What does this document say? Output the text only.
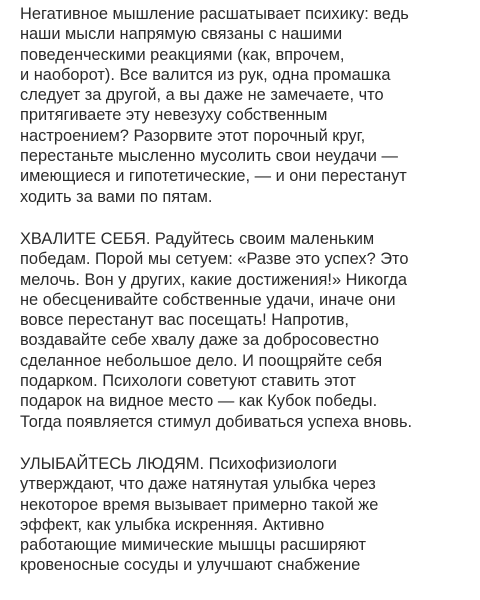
Негативное мышление расшатывает психику: ведь
наши мысли напрямую связаны с нашими
поведенческими реакциями (как, впрочем,
и наоборот). Все валится из рук, одна промашка
следует за другой, а вы даже не замечаете, что
притягиваете эту невезуху собственным
настроением? Разорвите этот порочный круг,
перестаньте мысленно мусолить свои неудачи —
имеющиеся и гипотетические, — и они перестанут
ходить за вами по пятам.

ХВАЛИТЕ СЕБЯ. Радуйтесь своим маленьким
победам. Порой мы сетуем: «Разве это успех? Это
мелочь. Вон у других, какие достижения!» Никогда
не обесценивайте собственные удачи, иначе они
вовсе перестанут вас посещать! Напротив,
воздавайте себе хвалу даже за добросовестно
сделанное небольшое дело. И поощряйте себя
подарком. Психологи советуют ставить этот
подарок на видное место — как Кубок победы.
Тогда появляется стимул добиваться успеха вновь.

УЛЫБАЙТЕСЬ ЛЮДЯМ. Психофизиологи
утверждают, что даже натянутая улыбка через
некоторое время вызывает примерно такой же
эффект, как улыбка искренняя. Активно
работающие мимические мышцы расширяют
кровеносные сосуды и улучшают снабжение
